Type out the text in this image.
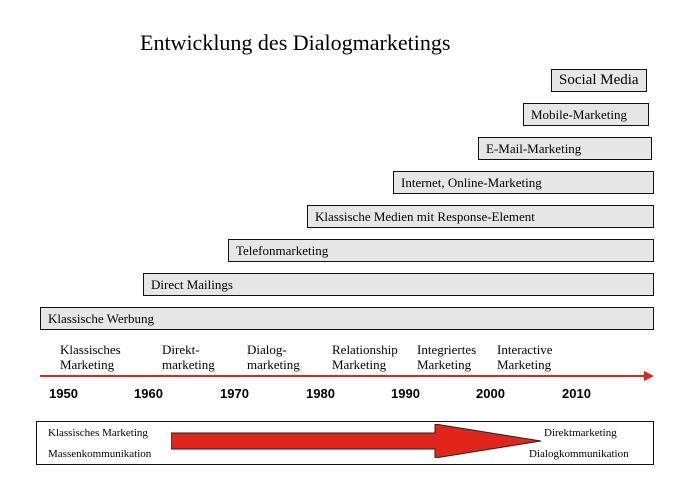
Entwicklung des Dialogmarketings
Social Media
Mobile-Marketing
E-Mail-Marketing
Internet, Online-Marketing
Klassische Medien mit Response-Element
Telefonmarketing
Direct Mailings
Klassische Werbung
Klassisches
Marketing
Direkt-
marketing
Dialog-
marketing
Relationship
Marketing
Integriertes
Marketing
Interactive
Marketing
1950	1960	1970	1980	1990	2000	2010
Klassisches Marketing
Massenkommunikation
Direktmarketing
Dialogkommunikation
